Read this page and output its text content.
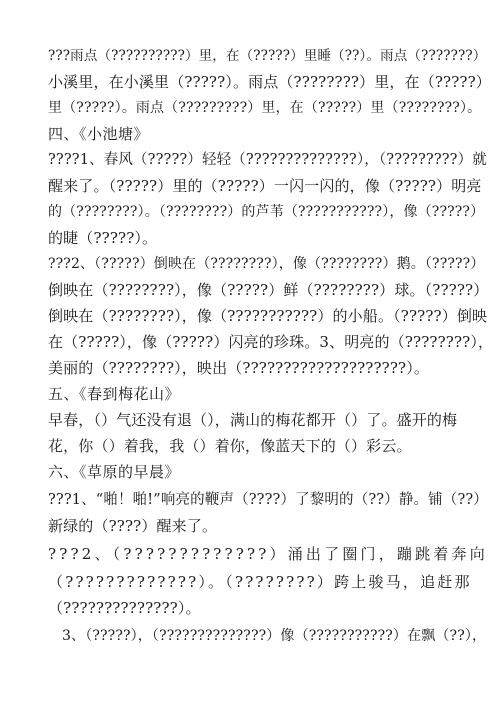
???雨点（??????????）里，在（?????）里睡（??）。雨点（???????）
小溪里，在小溪里（?????）。雨点（????????）里，在（?????）
里（?????）。雨点（?????????）里，在（?????）里（????????）。
四、《小池塘》
????1、春风（?????）轻轻（??????????????），（?????????）就
醒来了。（?????）里的（?????）一闪一闪的，像（?????）明亮
的（????????）。（????????）的芦苇（???????????），像（?????）
的睫（?????）。
???2、（?????）倒映在（????????），像（????????）鹅。（?????）
倒映在（????????），像（?????）鲜（????????）球。（?????）
倒映在（????????），像（???????????）的小船。（?????）倒映
在（?????），像（?????）闪亮的珍珠。3、明亮的（????????），
美丽的（????????），映出（????????????????????）。
五、《春到梅花山》
早春，（）气还没有退（），满山的梅花都开（）了。盛开的梅
花，你（）着我，我（）着你，像蓝天下的（）彩云。
六、《草原的早晨》
???1、“啪！啪!”响亮的鞭声（????）了黎明的（??）静。铺（??）
新绿的（????）醒来了。
???2、（?????????????）涌出了圈门，蹦跳着奔向
（?????????????）。（????????）跨上骏马，追赶那
（??????????????）。
3、（?????），（??????????????）像（???????????）在飘（??），
